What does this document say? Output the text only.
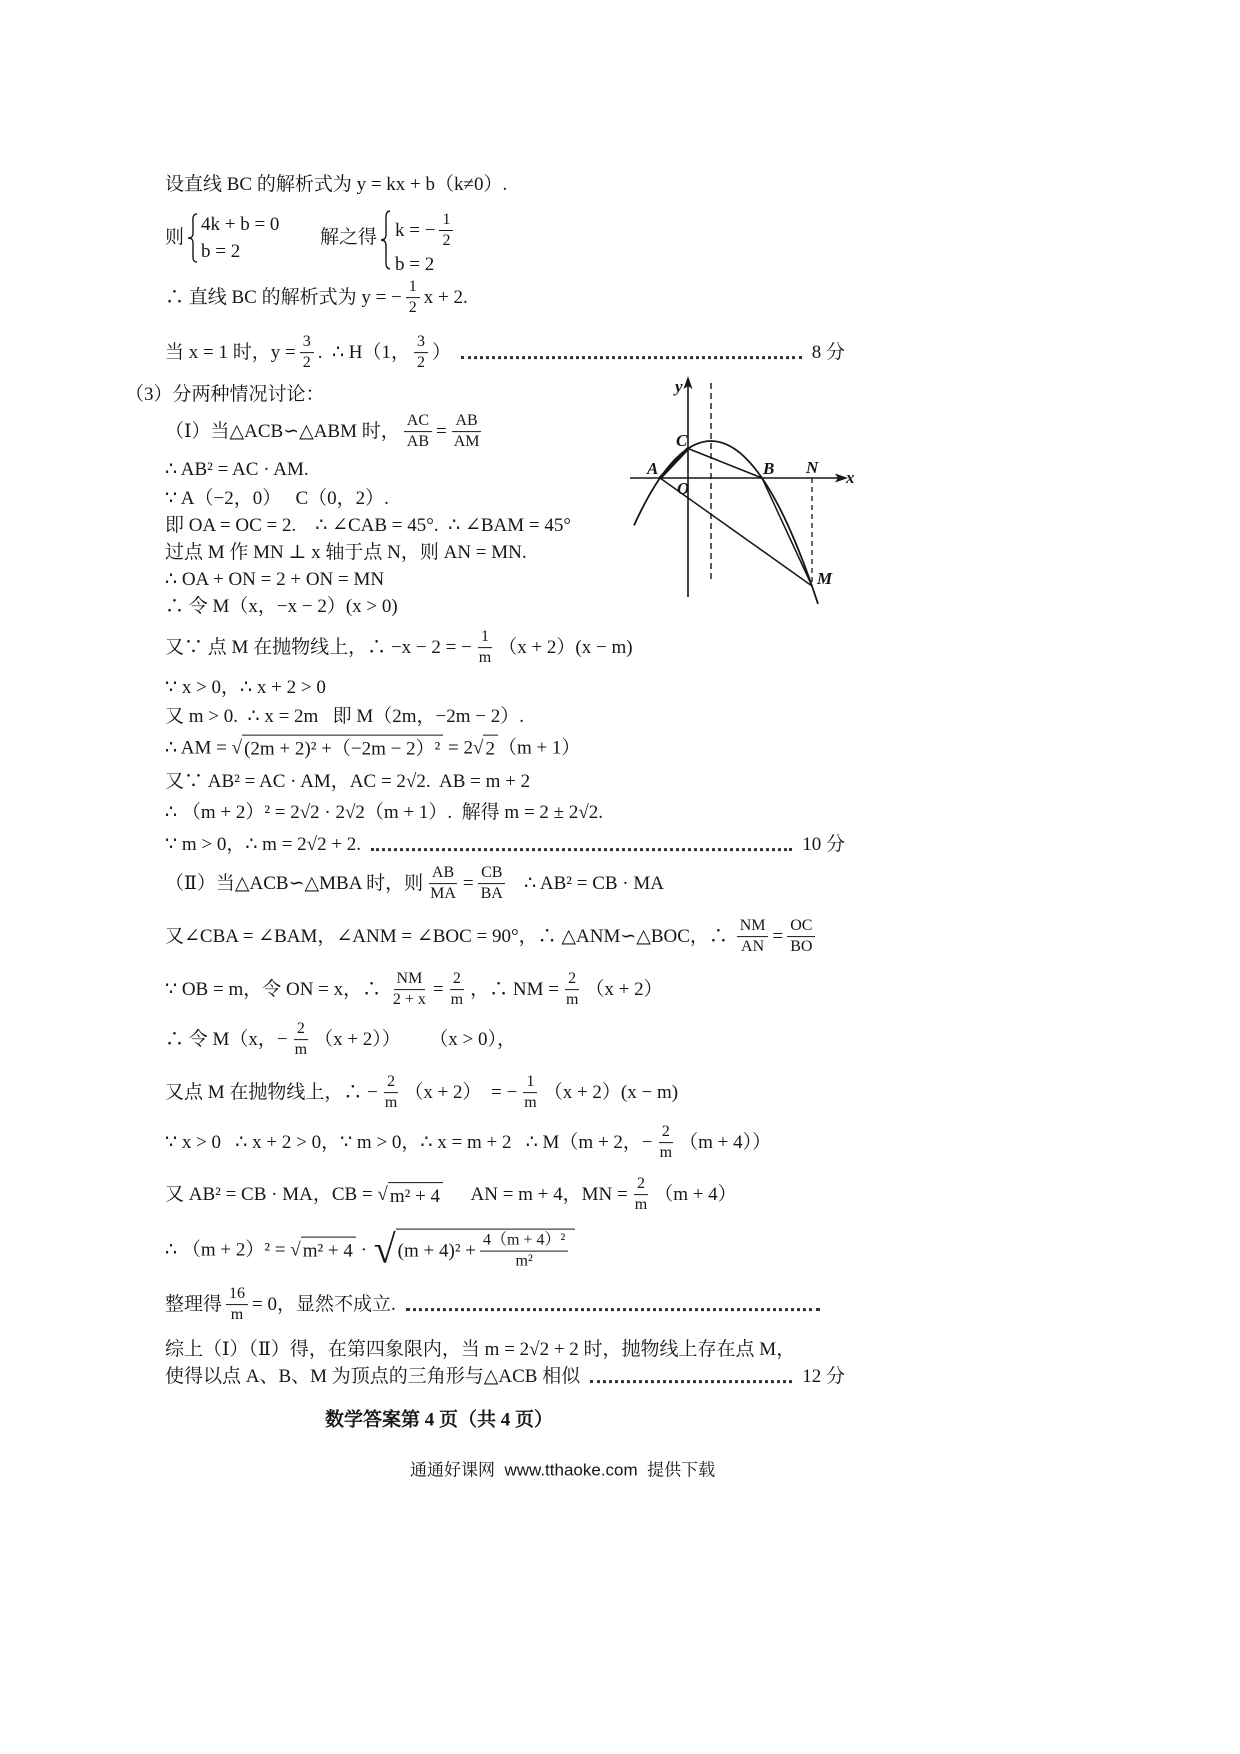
设直线 BC 的解析式为 y = kx + b（k≠0）.
则
4k + b = 0
b = 2
解之得 k = − $\frac{1}{2}$
b = 2
∴ 直线 BC 的解析式为 y = − $\frac{1}{2}$ x + 2.
当 x = 1 时，$y = \frac{3}{2}$ .  ∴ H（1， $\frac{3}{2}$ ）	8 分
（3）分两种情况讨论：
（Ⅰ）当△ACB∽△ABM 时， $\frac{AC}{AB} = \frac{AB}{AM}$
∴ AB² = AC · AM.
∵ A（−2，0）   C（0，2）.
即 OA = OC = 2.    ∴ ∠CAB = 45°.  ∴ ∠BAM = 45°
过点 M 作 MN ⊥ x 轴于点 N，则 AN = MN.
∴ OA + ON = 2 + ON = MN
∴ 令 M（x，−x − 2）(x > 0)
又∵ 点 M 在抛物线上，∴ −x − 2 = − $\frac{1}{m} (x + 2)(x - m)$
∵ x > 0，∴ x + 2 > 0
又 m > 0.  ∴ x = 2m   即 M（2m，−2m − 2）.
∴ AM = √ (2m + 2)² +（−2m − 2）² = 2√ 2 （m + 1）
又∵ AB² = AC · AM，AC = 2√2.  AB = m + 2
∴ （m + 2）² = 2√2 · 2√2（m + 1）.  解得 m = 2 ± 2√2.
∵ m > 0，∴ m = 2√2 + 2.	10 分
（Ⅱ）当△ACB∽△MBA 时，则 $\frac{AB}{MA} = \frac{CB}{BA}$ ∴ AB² = CB · MA
又∠CBA = ∠BAM，∠ANM = ∠BOC = 90°，∴ △ANM∽△BOC，∴ $\frac{NM}{AN} = \frac{OC}{BO}$
∵ OB = m，令 ON = x，∴ $\frac{NM}{2 + x} = \frac{2}{m}$ ，∴ NM = $\frac{2}{m} (x + 2)$
∴ 令 M（x，− $\frac{2}{m} (x + 2)$）      （x > 0），
又点 M 在抛物线上，∴ − $\frac{2}{m} (x + 2)$  = − $\frac{1}{m} (x + 2)(x - m)$
∵ x > 0   ∴ x + 2 > 0，∵ m > 0，∴ x = m + 2   ∴ M（m + 2，− $\frac{2}{m} (m + 4)$）
又 AB² = CB · MA，CB = √ m² + 4 AN = m + 4，MN = $\frac{2}{m} (m + 4)$
∴ （m + 2）² = √ m² + 4 · √ $(m + 4)^2 + \frac{\text{4（m + 4）²}}{\text{m²}}$
整理得 $\frac{16}{m} = 0$，显然不成立.
综上（Ⅰ）（Ⅱ）得，在第四象限内，当 m = 2√2 + 2 时，抛物线上存在点 M，
使得以点 A、B、M 为顶点的三角形与△ACB 相似	12 分
数学答案第 4 页（共 4 页）
通通好课网  www.tthaoke.com  提供下载
y
x
A
O
C
B N
M
